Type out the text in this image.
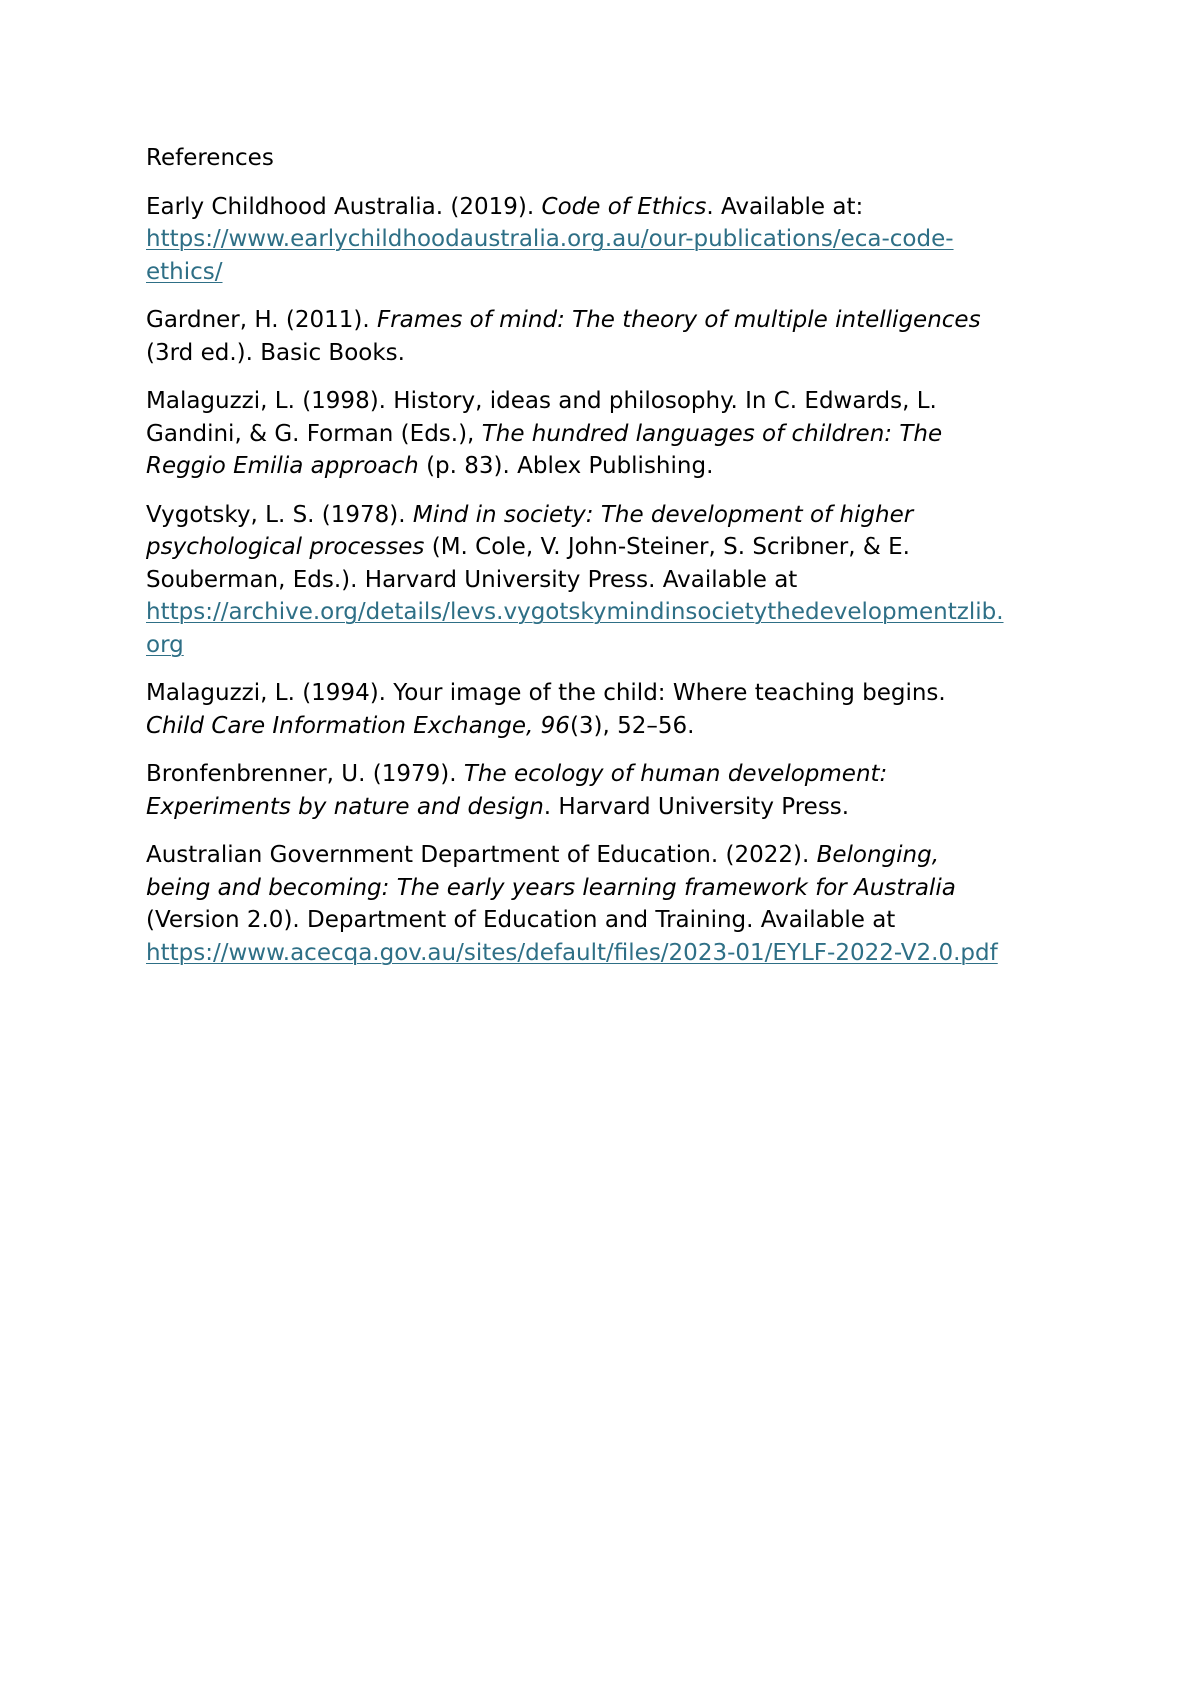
References
Early Childhood Australia. (2019). Code of Ethics. Available at:
https://www.earlychildhoodaustralia.org.au/our-publications/eca-code-
ethics/
Gardner, H. (2011). Frames of mind: The theory of multiple intelligences
(3rd ed.). Basic Books.
Malaguzzi, L. (1998). History, ideas and philosophy. In C. Edwards, L.
Gandini, & G. Forman (Eds.), The hundred languages of children: The
Reggio Emilia approach (p. 83). Ablex Publishing.
Vygotsky, L. S. (1978). Mind in society: The development of higher
psychological processes (M. Cole, V. John-Steiner, S. Scribner, & E.
Souberman, Eds.). Harvard University Press. Available at
https://archive.org/details/levs.vygotskymindinsocietythedevelopmentzlib.
org
Malaguzzi, L. (1994). Your image of the child: Where teaching begins.
Child Care Information Exchange, 96(3), 52–56.
Bronfenbrenner, U. (1979). The ecology of human development:
Experiments by nature and design. Harvard University Press.
Australian Government Department of Education. (2022). Belonging,
being and becoming: The early years learning framework for Australia
(Version 2.0). Department of Education and Training. Available at
https://www.acecqa.gov.au/sites/default/files/2023-01/EYLF-2022-V2.0.pdf
